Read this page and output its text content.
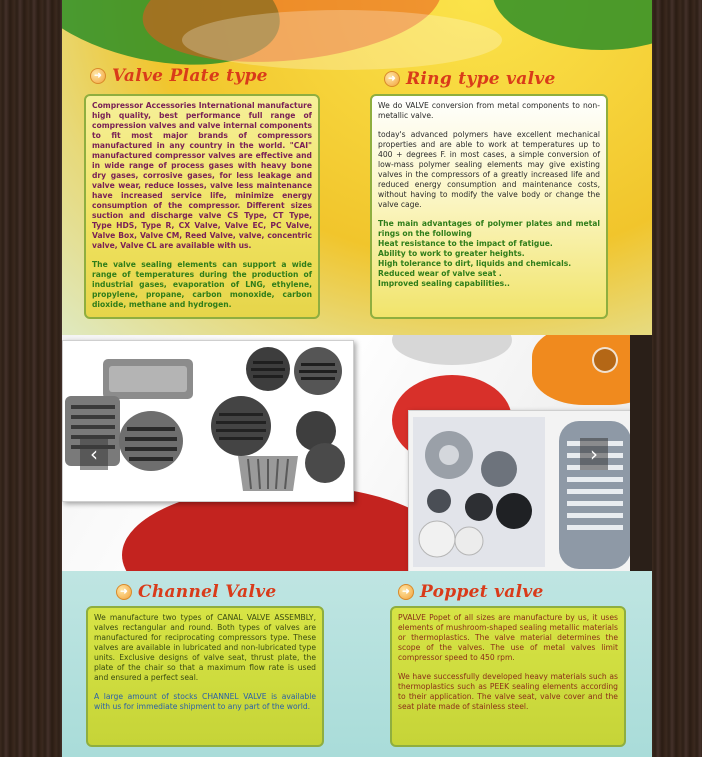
➜ Valve Plate type

Compressor Accessories International manufacture high quality, best performance full range of compression valves and valve internal components to fit most major brands of compressors manufactured in any country in the world. "CAI" manufactured compressor valves are effective and in wide range of process gases with heavy bone dry gases, corrosive gases, for less leakage and valve wear, reduce losses, valve less maintenance have increased service life, minimize energy consumption of the compressor. Different sizes suction and discharge valve CS Type, CT Type, Type HDS, Type R, CX Valve, Valve EC, PC Valve, Valve Box, Valve CM, Reed Valve, valve, concentric valve, Valve CL are available with us.

The valve sealing elements can support a wide range of temperatures during the production of industrial gases, evaporation of LNG, ethylene, propylene, propane, carbon monoxide, carbon dioxide, methane and hydrogen.

➜ Ring type valve

We do VALVE conversion from metal components to non-metallic valve.

today's advanced polymers have excellent mechanical properties and are able to work at temperatures up to 400 + degrees F. in most cases, a simple conversion of low-mass polymer sealing elements may give existing valves in the compressors of a greatly increased life and reduced energy consumption and maintenance costs, without having to modify the valve body or change the valve cage.

The main advantages of polymer plates and metal rings on the following

Heat resistance to the impact of fatigue.

Ability to work to greater heights.

High tolerance to dirt, liquids and chemicals.

Reduced wear of valve seat .

Improved sealing capabilities..

‹	›
➜ Channel Valve

We manufacture two types of CANAL VALVE ASSEMBLY, valves rectangular and round. Both types of valves are manufactured for reciprocating compressors type. These valves are available in lubricated and non-lubricated type units. Exclusive designs of valve seat, thrust plate, the plate of the chair so that a maximum flow rate is used and ensured a perfect seal.

A large amount of stocks CHANNEL VALVE is available with us for immediate shipment to any part of the world.

➜ Poppet valve

PVALVE Popet of all sizes are manufacture by us, it uses elements of mushroom-shaped sealing metallic materials or thermoplastics. The valve material determines the scope of the valves. The use of metal valves limit compressor speed to 450 rpm.

We have successfully developed heavy materials such as thermoplastics such as PEEK sealing elements according to their application. The valve seat, valve cover and the seat plate made of stainless steel.
